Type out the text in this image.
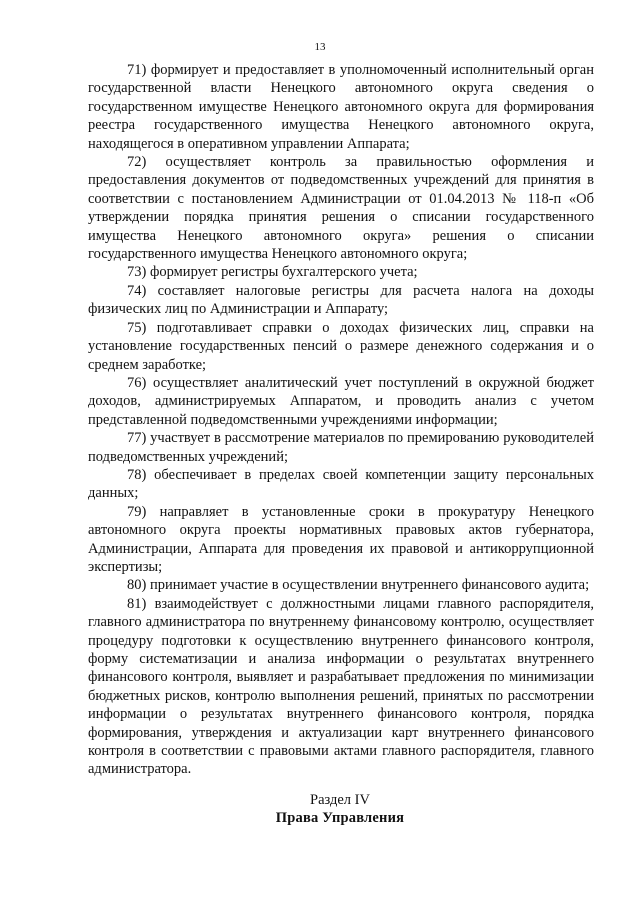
13

71) формирует и предоставляет в уполномоченный исполнительный орган государственной власти Ненецкого автономного округа сведения о государственном имуществе Ненецкого автономного округа для формирования реестра государственного имущества Ненецкого автономного округа, находящегося в оперативном управлении Аппарата;

72) осуществляет контроль за правильностью оформления и предоставления документов от подведомственных учреждений для принятия в соответствии с постановлением Администрации от 01.04.2013 № 118-п «Об утверждении порядка принятия решения о списании государственного имущества Ненецкого автономного округа» решения о списании государственного имущества Ненецкого автономного округа;

73) формирует регистры бухгалтерского учета;

74) составляет налоговые регистры для расчета налога на доходы физических лиц по Администрации и Аппарату;

75) подготавливает справки о доходах физических лиц, справки на установление государственных пенсий о размере денежного содержания и о среднем заработке;

76) осуществляет аналитический учет поступлений в окружной бюджет доходов, администрируемых Аппаратом, и проводить анализ с учетом представленной подведомственными учреждениями информации;

77) участвует в рассмотрение материалов по премированию руководителей подведомственных учреждений;

78) обеспечивает в пределах своей компетенции защиту персональных данных;

79) направляет в установленные сроки в прокуратуру Ненецкого автономного округа проекты нормативных правовых актов губернатора, Администрации, Аппарата для проведения их правовой и антикоррупционной экспертизы;

80) принимает участие в осуществлении внутреннего финансового аудита;

81) взаимодействует с должностными лицами главного распорядителя, главного администратора по внутреннему финансовому контролю, осуществляет процедуру подготовки к осуществлению внутреннего финансового контроля, форму систематизации и анализа информации о результатах внутреннего финансового контроля, выявляет и разрабатывает предложения по минимизации бюджетных рисков, контролю выполнения решений, принятых по рассмотрении информации о результатах внутреннего финансового контроля, порядка формирования, утверждения и актуализации карт внутреннего финансового контроля в соответствии с правовыми актами главного распорядителя, главного администратора.

Раздел IV
Права Управления
